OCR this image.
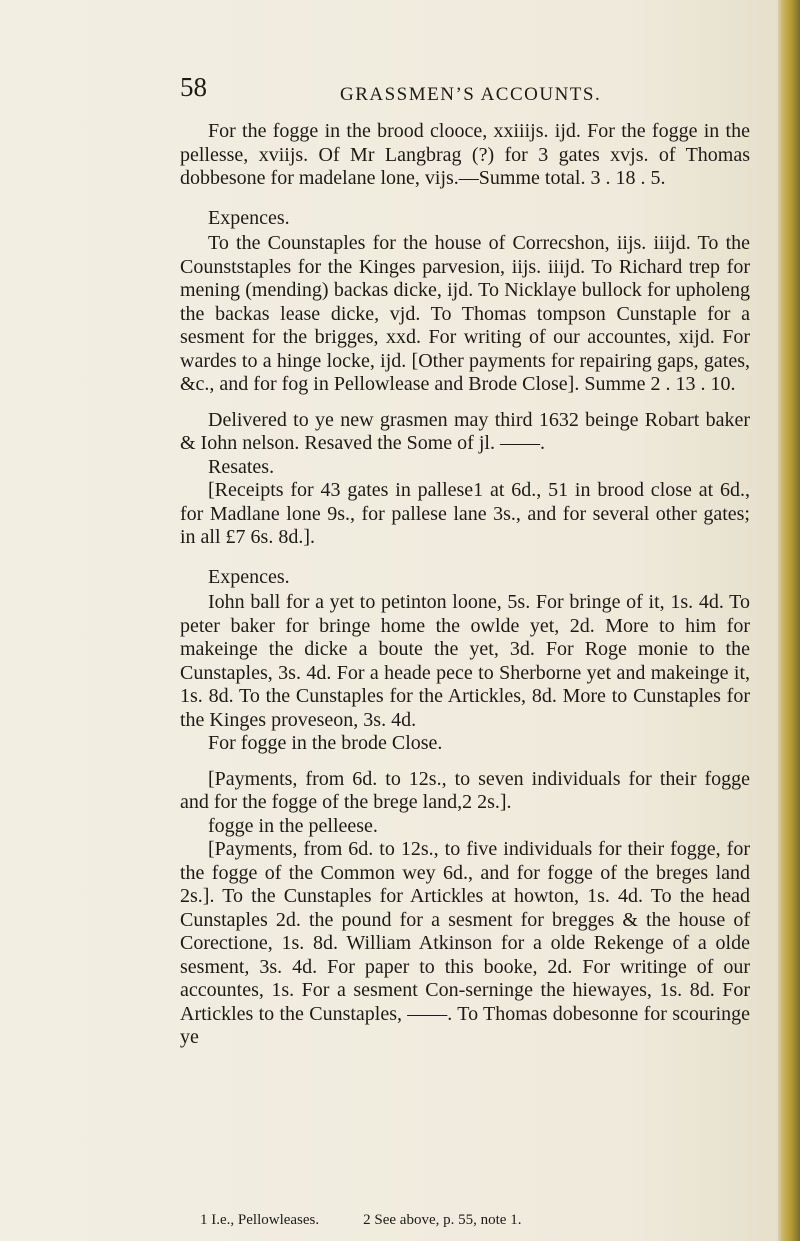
58	GRASSMEN’S ACCOUNTS.

For the fogge in the brood clooce, xxiiijs. ijd. For the fogge in the pellesse, xviijs. Of Mr Langbrag (?) for 3 gates xvjs. of Thomas dobbesone for madelane lone, vijs.—Summe total. 3 . 18 . 5.

Expences.

To the Counstaples for the house of Correcshon, iijs. iiijd. To the Counststaples for the Kinges parvesion, iijs. iiijd. To Richard trep for mening (mending) backas dicke, ijd. To Nicklaye bullock for upholeng the backas lease dicke, vjd. To Thomas tompson Cunstaple for a sesment for the brigges, xxd. For writing of our accountes, xijd. For wardes to a hinge locke, ijd. [Other payments for repairing gaps, gates, &c., and for fog in Pellowlease and Brode Close]. Summe 2 . 13 . 10.

Delivered to ye new grasmen may third 1632 beinge Robart baker & Iohn nelson. Resaved the Some of jl. ——.

Resates.

[Receipts for 43 gates in pallese1 at 6d., 51 in brood close at 6d., for Madlane lone 9s., for pallese lane 3s., and for several other gates; in all £7 6s. 8d.].

Expences.

Iohn ball for a yet to petinton loone, 5s. For bringe of it, 1s. 4d. To peter baker for bringe home the owlde yet, 2d. More to him for makeinge the dicke a boute the yet, 3d. For Roge monie to the Cunstaples, 3s. 4d. For a heade pece to Sherborne yet and makeinge it, 1s. 8d. To the Cunstaples for the Artickles, 8d. More to Cunstaples for the Kinges proveseon, 3s. 4d.

For fogge in the brode Close.

[Payments, from 6d. to 12s., to seven individuals for their fogge and for the fogge of the brege land,2 2s.].

fogge in the pelleese.

[Payments, from 6d. to 12s., to five individuals for their fogge, for the fogge of the Common wey 6d., and for fogge of the breges land 2s.]. To the Cunstaples for Artickles at howton, 1s. 4d. To the head Cunstaples 2d. the pound for a sesment for bregges & the house of Corectione, 1s. 8d. William Atkinson for a olde Rekenge of a olde sesment, 3s. 4d. For paper to this booke, 2d. For writinge of our accountes, 1s. For a sesment Con-serninge the hiewayes, 1s. 8d. For Artickles to the Cunstaples, ——. To Thomas dobesonne for scouringe ye

1 I.e., Pellowleases.	2 See above, p. 55, note 1.
